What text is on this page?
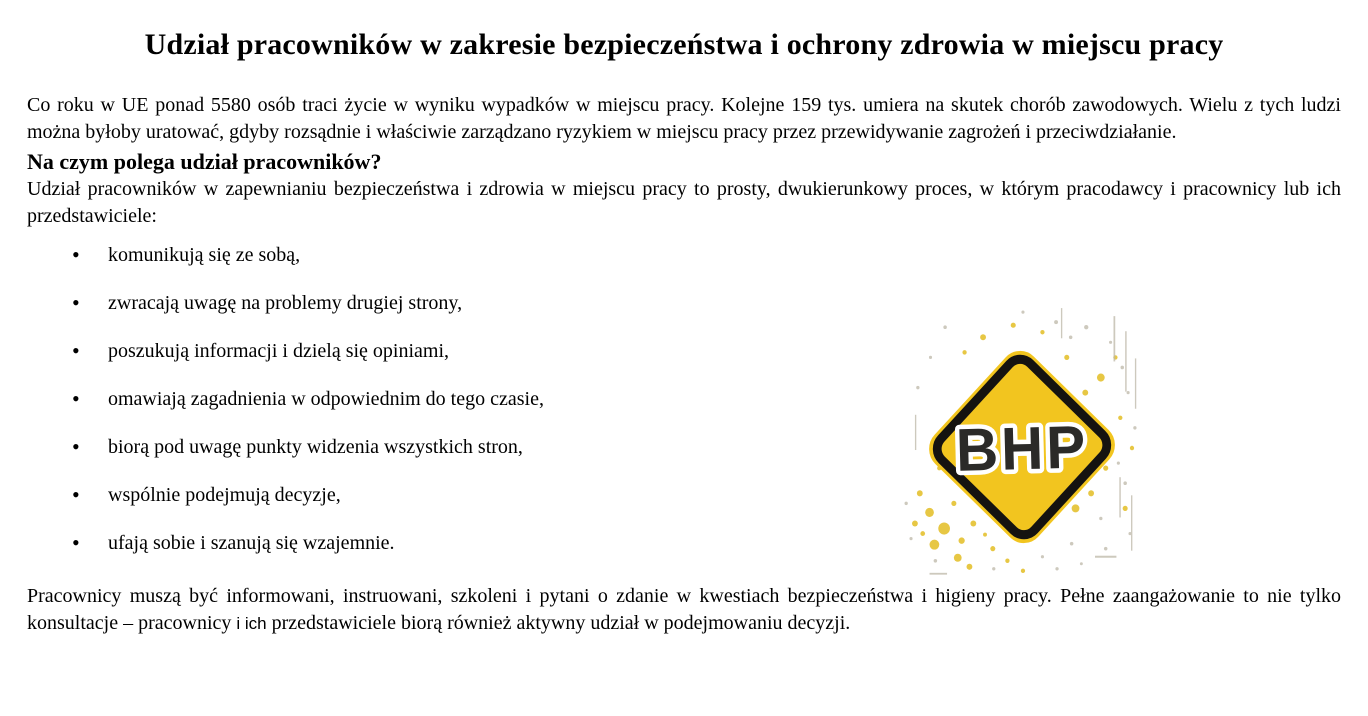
Udział pracowników w zakresie bezpieczeństwa i ochrony zdrowia w miejscu pracy

Co roku w UE ponad 5580 osób traci życie w wyniku wypadków w miejscu pracy. Kolejne 159 tys. umiera na skutek chorób zawodowych. Wielu z tych ludzi można byłoby uratować, gdyby rozsądnie i właściwie zarządzano ryzykiem w miejscu pracy przez przewidywanie zagrożeń i przeciwdziałanie.

Na czym polega udział pracowników?

Udział pracowników w zapewnianiu bezpieczeństwa i zdrowia w miejscu pracy to prosty, dwukierunkowy proces, w którym pracodawcy i pracownicy lub ich przedstawiciele:

• komunikują się ze sobą,
• zwracają uwagę na problemy drugiej strony,
• poszukują informacji i dzielą się opiniami,
• omawiają zagadnienia w odpowiednim do tego czasie,
• biorą pod uwagę punkty widzenia wszystkich stron,
• wspólnie podejmują decyzje,
• ufają sobie i szanują się wzajemnie.

Pracownicy muszą być informowani, instruowani, szkoleni i pytani o zdanie w kwestiach bezpieczeństwa i higieny pracy. Pełne zaangażowanie to nie tylko konsultacje – pracownicy i ich przedstawiciele biorą również aktywny udział w podejmowaniu decyzji.

BHP
